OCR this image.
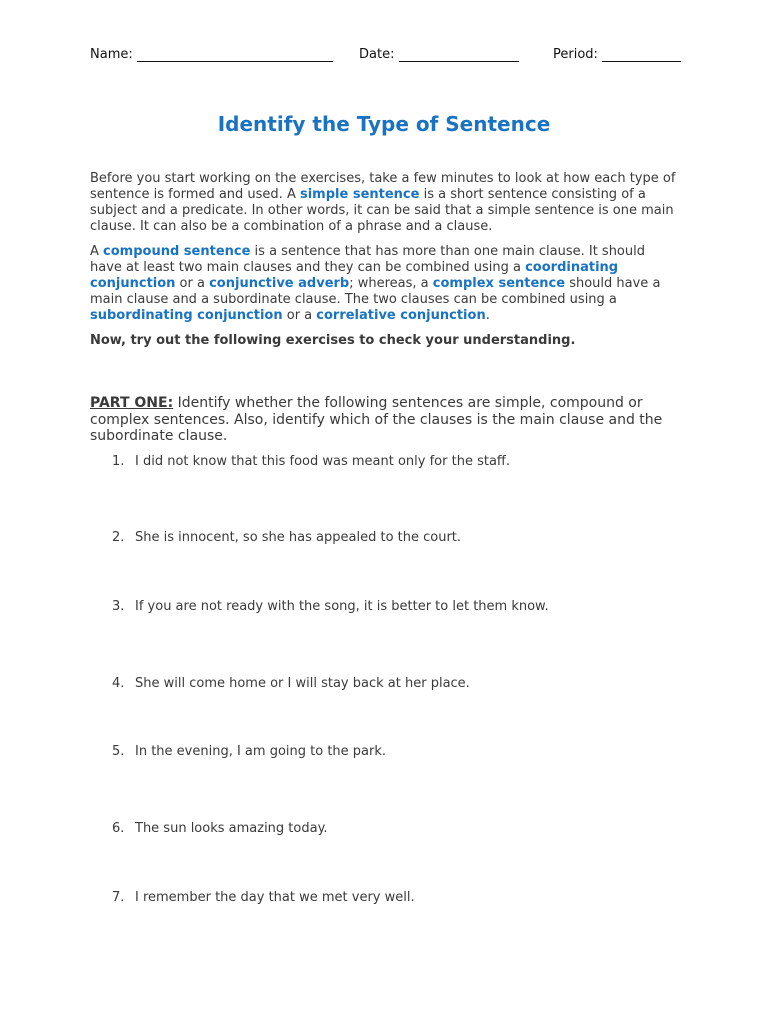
Name:	Date:	Period:
Identify the Type of Sentence

Before you start working on the exercises, take a few minutes to look at how each type of sentence is formed and used. A simple sentence is a short sentence consisting of a subject and a predicate. In other words, it can be said that a simple sentence is one main clause. It can also be a combination of a phrase and a clause.

A compound sentence is a sentence that has more than one main clause. It should have at least two main clauses and they can be combined using a coordinating conjunction or a conjunctive adverb; whereas, a complex sentence should have a main clause and a subordinate clause. The two clauses can be combined using a subordinating conjunction or a correlative conjunction.

Now, try out the following exercises to check your understanding.

PART ONE: Identify whether the following sentences are simple, compound or complex sentences. Also, identify which of the clauses is the main clause and the subordinate clause.
1. I did not know that this food was meant only for the staff.
2. She is innocent, so she has appealed to the court.
3. If you are not ready with the song, it is better to let them know.
4. She will come home or I will stay back at her place.
5. In the evening, I am going to the park.
6. The sun looks amazing today.
7. I remember the day that we met very well.
